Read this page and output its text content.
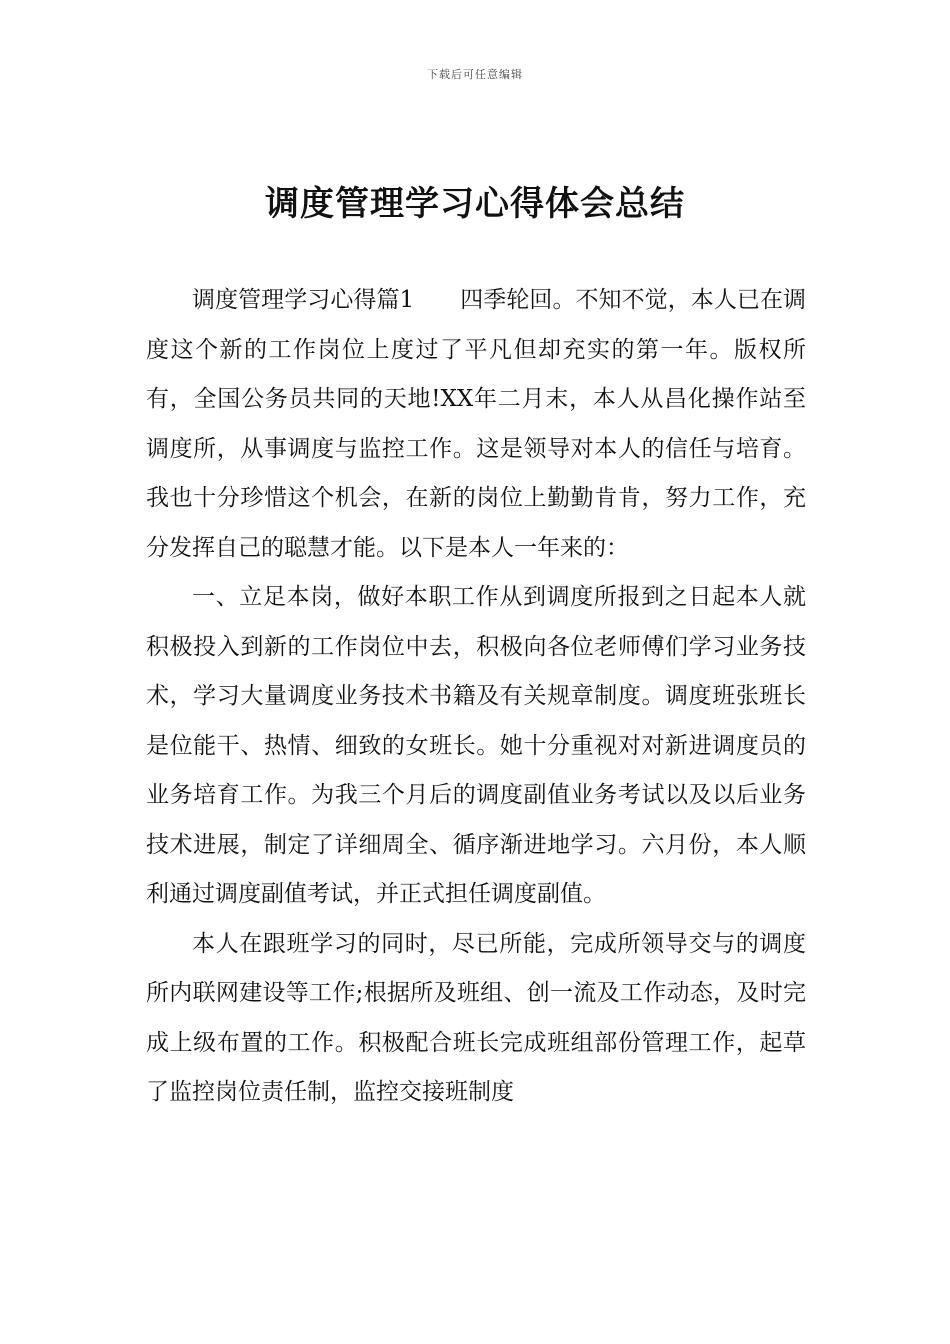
下载后可任意编辑
调度管理学习心得体会总结

调度管理学习心得篇1 四季轮回。不知不觉，本人已在调度这个新的工作岗位上度过了平凡但却充实的第一年。版权所有，全国公务员共同的天地!XX年二月末，本人从昌化操作站至调度所，从事调度与监控工作。这是领导对本人的信任与培育。我也十分珍惜这个机会，在新的岗位上勤勤肯肯，努力工作，充分发挥自己的聪慧才能。以下是本人一年来的：

一、立足本岗，做好本职工作从到调度所报到之日起本人就积极投入到新的工作岗位中去，积极向各位老师傅们学习业务技术，学习大量调度业务技术书籍及有关规章制度。调度班张班长是位能干、热情、细致的女班长。她十分重视对对新进调度员的业务培育工作。为我三个月后的调度副值业务考试以及以后业务技术进展，制定了详细周全、循序渐进地学习。六月份，本人顺利通过调度副值考试，并正式担任调度副值。

本人在跟班学习的同时，尽已所能，完成所领导交与的调度所内联网建设等工作;根据所及班组、创一流及工作动态，及时完成上级布置的工作。积极配合班长完成班组部份管理工作，起草了监控岗位责任制，监控交接班制度
